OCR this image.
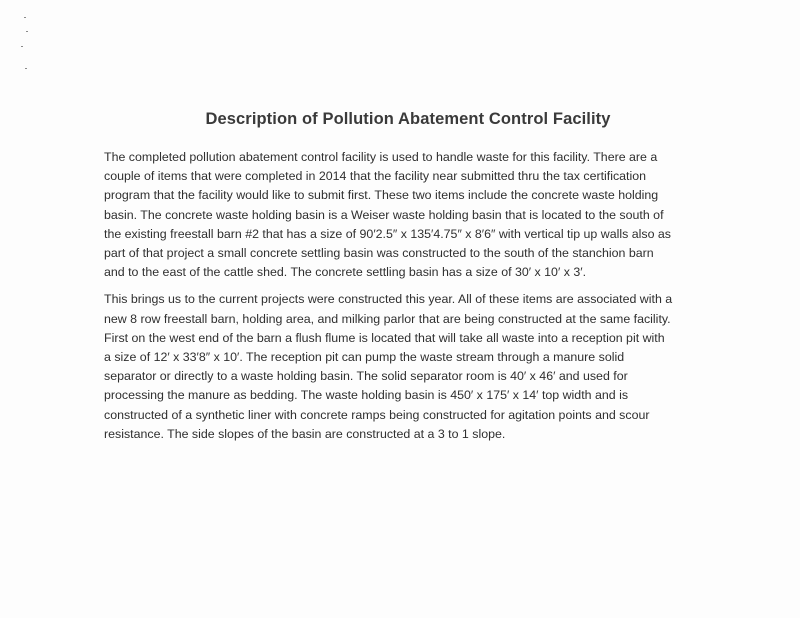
Description of Pollution Abatement Control Facility

The completed pollution abatement control facility is used to handle waste for this facility. There are a
couple of items that were completed in 2014 that the facility near submitted thru the tax certification
program that the facility would like to submit first. These two items include the concrete waste holding
basin. The concrete waste holding basin is a Weiser waste holding basin that is located to the south of
the existing freestall barn #2 that has a size of 90′2.5″ x 135′4.75″ x 8′6″ with vertical tip up walls also as
part of that project a small concrete settling basin was constructed to the south of the stanchion barn
and to the east of the cattle shed. The concrete settling basin has a size of 30′ x 10′ x 3′.

This brings us to the current projects were constructed this year. All of these items are associated with a
new 8 row freestall barn, holding area, and milking parlor that are being constructed at the same facility.
First on the west end of the barn a flush flume is located that will take all waste into a reception pit with
a size of 12′ x 33′8″ x 10′. The reception pit can pump the waste stream through a manure solid
separator or directly to a waste holding basin. The solid separator room is 40′ x 46′ and used for
processing the manure as bedding. The waste holding basin is 450′ x 175′ x 14′ top width and is
constructed of a synthetic liner with concrete ramps being constructed for agitation points and scour
resistance. The side slopes of the basin are constructed at a 3 to 1 slope.
